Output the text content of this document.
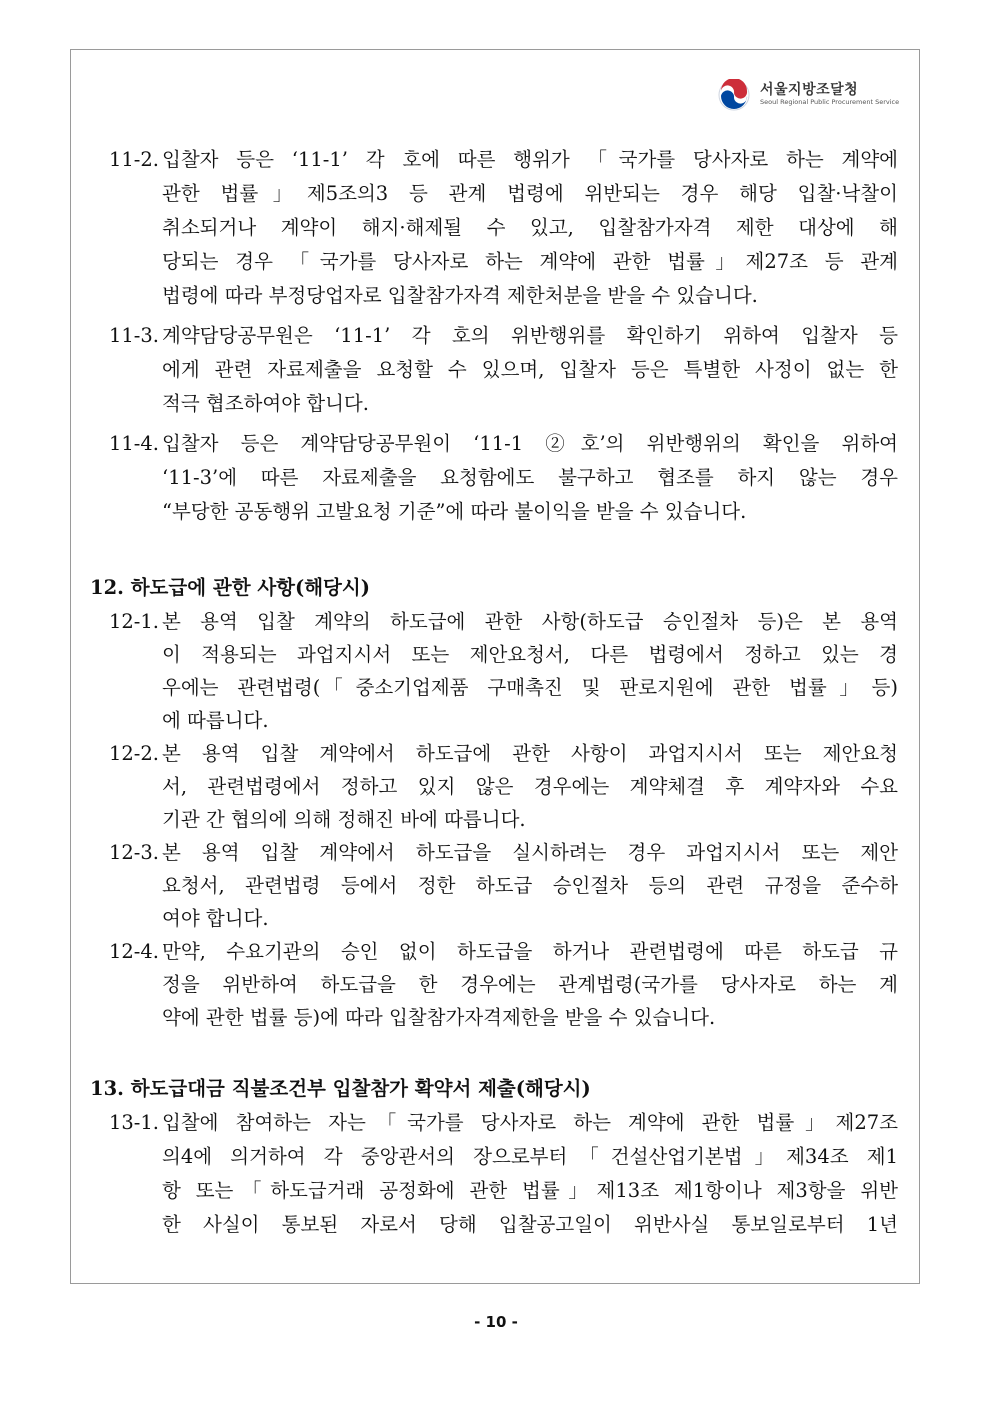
서울지방조달청
Seoul Regional Public Procurement Service
11-2. 입찰자 등은 ‘11-1’ 각 호에 따른 행위가 「국가를 당사자로 하는 계약에
관한 법률」제5조의3 등 관계 법령에 위반되는 경우 해당 입찰·낙찰이
취소되거나 계약이 해지·해제될 수 있고, 입찰참가자격 제한 대상에 해
당되는 경우 「국가를 당사자로 하는 계약에 관한 법률」제27조 등 관계
법령에 따라 부정당업자로 입찰참가자격 제한처분을 받을 수 있습니다.
11-3. 계약담당공무원은 ‘11-1’ 각 호의 위반행위를 확인하기 위하여 입찰자 등
에게 관련 자료제출을 요청할 수 있으며, 입찰자 등은 특별한 사정이 없는 한
적극 협조하여야 합니다.
11-4. 입찰자 등은 계약담당공무원이 ‘11-1 ②호’의 위반행위의 확인을 위하여
‘11-3’에 따른 자료제출을 요청함에도 불구하고 협조를 하지 않는 경우
“부당한 공동행위 고발요청 기준”에 따라 불이익을 받을 수 있습니다.
12. 하도급에 관한 사항(해당시)
12-1. 본 용역 입찰 계약의 하도급에 관한 사항(하도급 승인절차 등)은 본 용역
이 적용되는 과업지시서 또는 제안요청서, 다른 법령에서 정하고 있는 경
우에는 관련법령(「중소기업제품 구매촉진 및 판로지원에 관한 법률」등)
에 따릅니다.
12-2. 본 용역 입찰 계약에서 하도급에 관한 사항이 과업지시서 또는 제안요청
서, 관련법령에서 정하고 있지 않은 경우에는 계약체결 후 계약자와 수요
기관 간 협의에 의해 정해진 바에 따릅니다.
12-3. 본 용역 입찰 계약에서 하도급을 실시하려는 경우 과업지시서 또는 제안
요청서, 관련법령 등에서 정한 하도급 승인절차 등의 관련 규정을 준수하
여야 합니다.
12-4. 만약, 수요기관의 승인 없이 하도급을 하거나 관련법령에 따른 하도급 규
정을 위반하여 하도급을 한 경우에는 관계법령(국가를 당사자로 하는 계
약에 관한 법률 등)에 따라 입찰참가자격제한을 받을 수 있습니다.
13. 하도급대금 직불조건부 입찰참가 확약서 제출(해당시)
13-1. 입찰에 참여하는 자는「국가를 당사자로 하는 계약에 관한 법률」제27조
의4에 의거하여 각 중앙관서의 장으로부터「건설산업기본법」제34조 제1
항 또는「하도급거래 공정화에 관한 법률」제13조 제1항이나 제3항을 위반
한 사실이 통보된 자로서 당해 입찰공고일이 위반사실 통보일로부터 1년
- 10 -
